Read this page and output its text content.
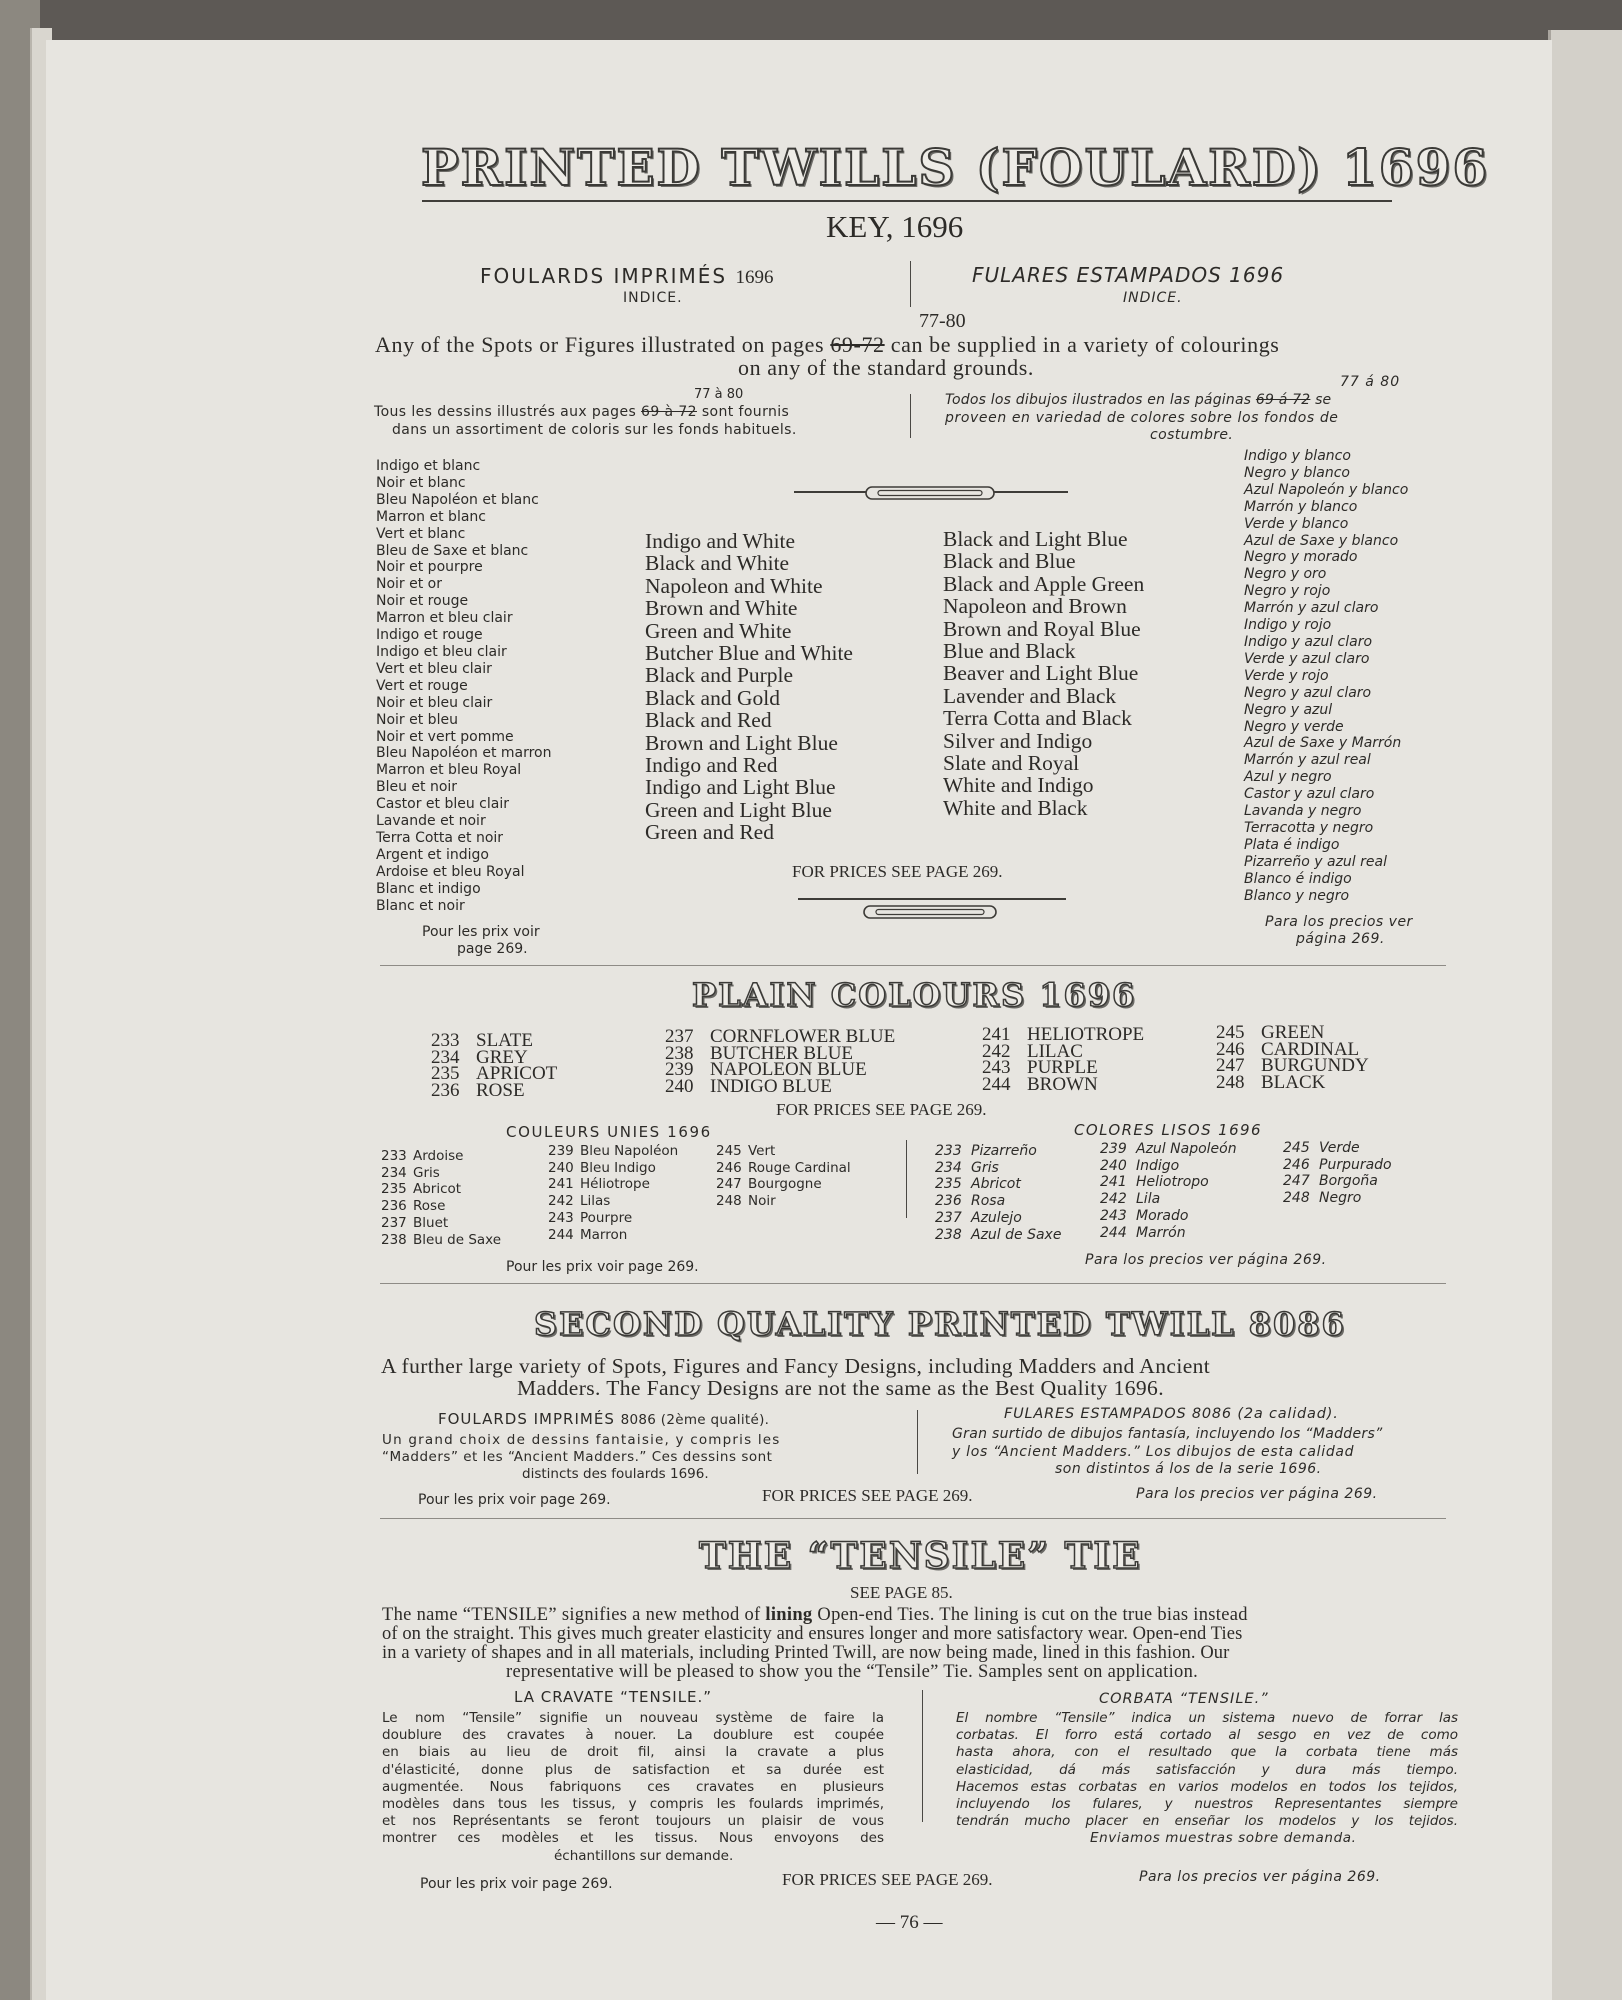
PRINTED TWILLS (FOULARD) 1696
KEY, 1696
FOULARDS IMPRIMÉS 1696
INDICE.
FULARES ESTAMPADOS 1696
INDICE.
77-80
Any of the Spots or Figures illustrated on pages 69-72 can be supplied in a variety of colourings
on any of the standard grounds.
77 à 80
Tous les dessins illustrés aux pages 69 à 72 sont fournis
dans un assortiment de coloris sur les fonds habituels.
77 á 80
Todos los dibujos ilustrados en las páginas 69 á 72 se
proveen en variedad de colores sobre los fondos de
costumbre.
Indigo et blanc
Noir et blanc
Bleu Napoléon et blanc
Marron et blanc
Vert et blanc
Bleu de Saxe et blanc
Noir et pourpre
Noir et or
Noir et rouge
Marron et bleu clair
Indigo et rouge
Indigo et bleu clair
Vert et bleu clair
Vert et rouge
Noir et bleu clair
Noir et bleu
Noir et vert pomme
Bleu Napoléon et marron
Marron et bleu Royal
Bleu et noir
Castor et bleu clair
Lavande et noir
Terra Cotta et noir
Argent et indigo
Ardoise et bleu Royal
Blanc et indigo
Blanc et noir
Pour les prix voir
page 269.
Indigo and White
Black and White
Napoleon and White
Brown and White
Green and White
Butcher Blue and White
Black and Purple
Black and Gold
Black and Red
Brown and Light Blue
Indigo and Red
Indigo and Light Blue
Green and Light Blue
Green and Red
Black and Light Blue
Black and Blue
Black and Apple Green
Napoleon and Brown
Brown and Royal Blue
Blue and Black
Beaver and Light Blue
Lavender and Black
Terra Cotta and Black
Silver and Indigo
Slate and Royal
White and Indigo
White and Black
FOR PRICES SEE PAGE 269.
Indigo y blanco
Negro y blanco
Azul Napoleón y blanco
Marrón y blanco
Verde y blanco
Azul de Saxe y blanco
Negro y morado
Negro y oro
Negro y rojo
Marrón y azul claro
Indigo y rojo
Indigo y azul claro
Verde y azul claro
Verde y rojo
Negro y azul claro
Negro y azul
Negro y verde
Azul de Saxe y Marrón
Marrón y azul real
Azul y negro
Castor y azul claro
Lavanda y negro
Terracotta y negro
Plata é indigo
Pizarreño y azul real
Blanco é indigo
Blanco y negro
Para los precios ver
página 269.
PLAIN COLOURS 1696
233 SLATE
234 GREY
235 APRICOT
236 ROSE
237 CORNFLOWER BLUE
238 BUTCHER BLUE
239 NAPOLEON BLUE
240 INDIGO BLUE
241 HELIOTROPE
242 LILAC
243 PURPLE
244 BROWN
245 GREEN
246 CARDINAL
247 BURGUNDY
248 BLACK
FOR PRICES SEE PAGE 269.
COULEURS UNIES 1696
233 Ardoise
234 Gris
235 Abricot
236 Rose
237 Bluet
238 Bleu de Saxe
239 Bleu Napoléon
240 Bleu Indigo
241 Héliotrope
242 Lilas
243 Pourpre
244 Marron
245 Vert
246 Rouge Cardinal
247 Bourgogne
248 Noir
Pour les prix voir page 269.
COLORES LISOS 1696
233 Pizarreño
234 Gris
235 Abricot
236 Rosa
237 Azulejo
238 Azul de Saxe
239 Azul Napoleón
240 Indigo
241 Heliotropo
242 Lila
243 Morado
244 Marrón
245 Verde
246 Purpurado
247 Borgoña
248 Negro
Para los precios ver página 269.
SECOND QUALITY PRINTED TWILL 8086
A further large variety of Spots, Figures and Fancy Designs, including Madders and Ancient
Madders. The Fancy Designs are not the same as the Best Quality 1696.
FOULARDS IMPRIMÉS 8086 (2ème qualité).
Un grand choix de dessins fantaisie, y compris les
“Madders” et les “Ancient Madders.” Ces dessins sont
distincts des foulards 1696.
FULARES ESTAMPADOS 8086 (2a calidad).
Gran surtido de dibujos fantasía, incluyendo los “Madders”
y los “Ancient Madders.” Los dibujos de esta calidad
son distintos á los de la serie 1696.
Pour les prix voir page 269.	FOR PRICES SEE PAGE 269.	Para los precios ver página 269.
THE “TENSILE” TIE
SEE PAGE 85.
The name “TENSILE” signifies a new method of lining Open-end Ties. The lining is cut on the true bias instead
of on the straight. This gives much greater elasticity and ensures longer and more satisfactory wear. Open-end Ties
in a variety of shapes and in all materials, including Printed Twill, are now being made, lined in this fashion. Our
representative will be pleased to show you the “Tensile” Tie. Samples sent on application.
LA CRAVATE “TENSILE.”
Le nom “Tensile” signifie un nouveau système de faire la
doublure des cravates à nouer. La doublure est coupée
en biais au lieu de droit fil, ainsi la cravate a plus
d'élasticité, donne plus de satisfaction et sa durée est
augmentée. Nous fabriquons ces cravates en plusieurs
modèles dans tous les tissus, y compris les foulards imprimés,
et nos Représentants se feront toujours un plaisir de vous
montrer ces modèles et les tissus. Nous envoyons des
échantillons sur demande.
CORBATA “TENSILE.”
El nombre “Tensile” indica un sistema nuevo de forrar las
corbatas. El forro está cortado al sesgo en vez de como
hasta ahora, con el resultado que la corbata tiene más
elasticidad, dá más satisfacción y dura más tiempo.
Hacemos estas corbatas en varios modelos en todos los tejidos,
incluyendo los fulares, y nuestros Representantes siempre
tendrán mucho placer en enseñar los modelos y los tejidos.
Enviamos muestras sobre demanda.
Pour les prix voir page 269.	FOR PRICES SEE PAGE 269.	Para los precios ver página 269.
— 76 —
